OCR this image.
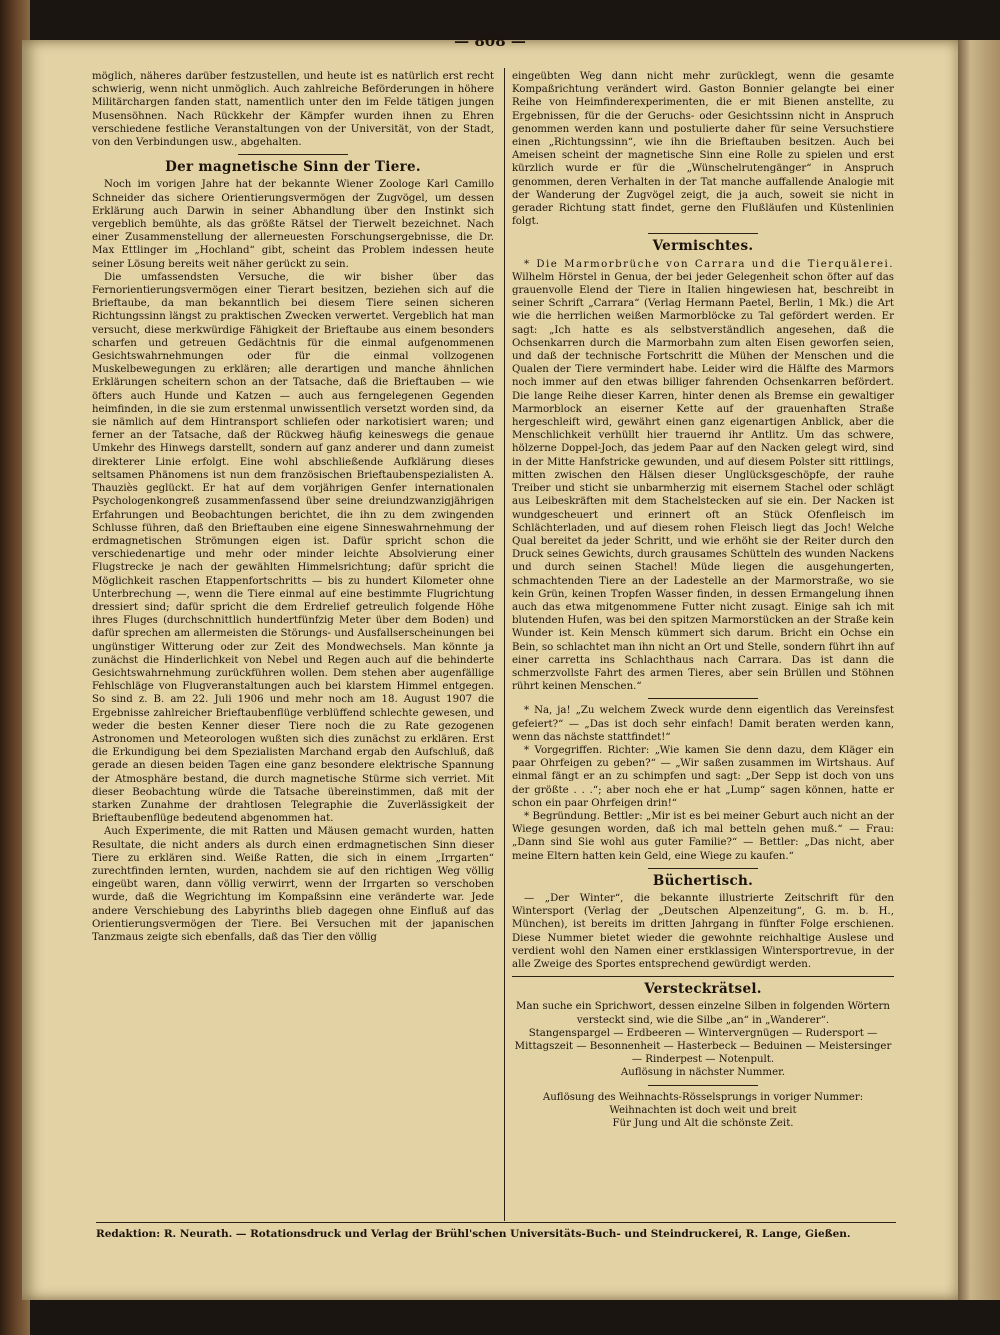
— 808 —

möglich, näheres darüber festzustellen, und heute ist es natürlich erst recht schwierig, wenn nicht unmöglich. Auch zahlreiche Beförderungen in höhere Militärchargen fanden statt, namentlich unter den im Felde tätigen jungen Musensöhnen. Nach Rückkehr der Kämpfer wurden ihnen zu Ehren verschiedene festliche Veranstaltungen von der Universität, von der Stadt, von den Verbindungen usw., abgehalten.

Der magnetische Sinn der Tiere.

Noch im vorigen Jahre hat der bekannte Wiener Zoologe Karl Camillo Schneider das sichere Orientierungsvermögen der Zugvögel, um dessen Erklärung auch Darwin in seiner Abhandlung über den Instinkt sich vergeblich bemühte, als das größte Rätsel der Tierwelt bezeichnet. Nach einer Zusammenstellung der allerneuesten Forschungsergebnisse, die Dr. Max Ettlinger im „Hochland“ gibt, scheint das Problem indessen heute seiner Lösung bereits weit näher gerückt zu sein.

Die umfassendsten Versuche, die wir bisher über das Fernorientierungsvermögen einer Tierart besitzen, beziehen sich auf die Brieftaube, da man bekanntlich bei diesem Tiere seinen sicheren Richtungssinn längst zu praktischen Zwecken verwertet. Vergeblich hat man versucht, diese merkwürdige Fähigkeit der Brieftaube aus einem besonders scharfen und getreuen Gedächtnis für die einmal aufgenommenen Gesichtswahrnehmungen oder für die einmal vollzogenen Muskelbewegungen zu erklären; alle derartigen und manche ähnlichen Erklärungen scheitern schon an der Tatsache, daß die Brieftauben — wie öfters auch Hunde und Katzen — auch aus ferngelegenen Gegenden heimfinden, in die sie zum erstenmal unwissentlich versetzt worden sind, da sie nämlich auf dem Hintransport schliefen oder narkotisiert waren; und ferner an der Tatsache, daß der Rückweg häufig keineswegs die genaue Umkehr des Hinwegs darstellt, sondern auf ganz anderer und dann zumeist direkterer Linie erfolgt. Eine wohl abschließende Aufklärung dieses seltsamen Phänomens ist nun dem französischen Brieftaubenspezialisten A. Thauziès geglückt. Er hat auf dem vorjährigen Genfer internationalen Psychologenkongreß zusammenfassend über seine dreiundzwanzigjährigen Erfahrungen und Beobachtungen berichtet, die ihn zu dem zwingenden Schlusse führen, daß den Brieftauben eine eigene Sinneswahrnehmung der erdmagnetischen Strömungen eigen ist. Dafür spricht schon die verschiedenartige und mehr oder minder leichte Absolvierung einer Flugstrecke je nach der gewählten Himmelsrichtung; dafür spricht die Möglichkeit raschen Etappenfortschritts — bis zu hundert Kilometer ohne Unterbrechung —, wenn die Tiere einmal auf eine bestimmte Flugrichtung dressiert sind; dafür spricht die dem Erdrelief getreulich folgende Höhe ihres Fluges (durchschnittlich hundertfünfzig Meter über dem Boden) und dafür sprechen am allermeisten die Störungs- und Ausfallserscheinungen bei ungünstiger Witterung oder zur Zeit des Mondwechsels. Man könnte ja zunächst die Hinderlichkeit von Nebel und Regen auch auf die behinderte Gesichtswahrnehmung zurückführen wollen. Dem stehen aber augenfällige Fehlschläge von Flugveranstaltungen auch bei klarstem Himmel entgegen. So sind z. B. am 22. Juli 1906 und mehr noch am 18. August 1907 die Ergebnisse zahlreicher Brieftaubenflüge verblüffend schlechte gewesen, und weder die besten Kenner dieser Tiere noch die zu Rate gezogenen Astronomen und Meteorologen wußten sich dies zunächst zu erklären. Erst die Erkundigung bei dem Spezialisten Marchand ergab den Aufschluß, daß gerade an diesen beiden Tagen eine ganz besondere elektrische Spannung der Atmosphäre bestand, die durch magnetische Stürme sich verriet. Mit dieser Beobachtung würde die Tatsache übereinstimmen, daß mit der starken Zunahme der drahtlosen Telegraphie die Zuverlässigkeit der Brieftaubenflüge bedeutend abgenommen hat.

Auch Experimente, die mit Ratten und Mäusen gemacht wurden, hatten Resultate, die nicht anders als durch einen erdmagnetischen Sinn dieser Tiere zu erklären sind. Weiße Ratten, die sich in einem „Irrgarten“ zurechtfinden lernten, wurden, nachdem sie auf den richtigen Weg völlig eingeübt waren, dann völlig verwirrt, wenn der Irrgarten so verschoben wurde, daß die Wegrichtung im Kompaßsinn eine veränderte war. Jede andere Verschiebung des Labyrinths blieb dagegen ohne Einfluß auf das Orientierungsvermögen der Tiere. Bei Versuchen mit der japanischen Tanzmaus zeigte sich ebenfalls, daß das Tier den völlig

eingeübten Weg dann nicht mehr zurücklegt, wenn die gesamte Kompaßrichtung verändert wird. Gaston Bonnier gelangte bei einer Reihe von Heimfinderexperimenten, die er mit Bienen anstellte, zu Ergebnissen, für die der Geruchs- oder Gesichtssinn nicht in Anspruch genommen werden kann und postulierte daher für seine Versuchstiere einen „Richtungssinn“, wie ihn die Brieftauben besitzen. Auch bei Ameisen scheint der magnetische Sinn eine Rolle zu spielen und erst kürzlich wurde er für die „Wünschelrutengänger“ in Anspruch genommen, deren Verhalten in der Tat manche auffallende Analogie mit der Wanderung der Zugvögel zeigt, die ja auch, soweit sie nicht in gerader Richtung statt findet, gerne den Flußläufen und Küstenlinien folgt.

Vermischtes.

* Die Marmorbrüche von Carrara und die Tierquälerei. Wilhelm Hörstel in Genua, der bei jeder Gelegenheit schon öfter auf das grauenvolle Elend der Tiere in Italien hingewiesen hat, beschreibt in seiner Schrift „Carrara“ (Verlag Hermann Paetel, Berlin, 1 Mk.) die Art wie die herrlichen weißen Marmorblöcke zu Tal gefördert werden. Er sagt: „Ich hatte es als selbstverständlich angesehen, daß die Ochsenkarren durch die Marmorbahn zum alten Eisen geworfen seien, und daß der technische Fortschritt die Mühen der Menschen und die Qualen der Tiere vermindert habe. Leider wird die Hälfte des Marmors noch immer auf den etwas billiger fahrenden Ochsenkarren befördert. Die lange Reihe dieser Karren, hinter denen als Bremse ein gewaltiger Marmorblock an eiserner Kette auf der grauenhaften Straße hergeschleift wird, gewährt einen ganz eigenartigen Anblick, aber die Menschlichkeit verhüllt hier trauernd ihr Antlitz. Um das schwere, hölzerne Doppel-Joch, das jedem Paar auf den Nacken gelegt wird, sind in der Mitte Hanfstricke gewunden, und auf diesem Polster sitt rittlings, mitten zwischen den Hälsen dieser Unglücksgeschöpfe, der rauhe Treiber und sticht sie unbarmherzig mit eisernem Stachel oder schlägt aus Leibeskräften mit dem Stachelstecken auf sie ein. Der Nacken ist wundgescheuert und erinnert oft an Stück Ofenfleisch im Schlächterladen, und auf diesem rohen Fleisch liegt das Joch! Welche Qual bereitet da jeder Schritt, und wie erhöht sie der Reiter durch den Druck seines Gewichts, durch grausames Schütteln des wunden Nackens und durch seinen Stachel! Müde liegen die ausgehungerten, schmachtenden Tiere an der Ladestelle an der Marmorstraße, wo sie kein Grün, keinen Tropfen Wasser finden, in dessen Ermangelung ihnen auch das etwa mitgenommene Futter nicht zusagt. Einige sah ich mit blutenden Hufen, was bei den spitzen Marmorstücken an der Straße kein Wunder ist. Kein Mensch kümmert sich darum. Bricht ein Ochse ein Bein, so schlachtet man ihn nicht an Ort und Stelle, sondern führt ihn auf einer carretta ins Schlachthaus nach Carrara. Das ist dann die schmerzvollste Fahrt des armen Tieres, aber sein Brüllen und Stöhnen rührt keinen Menschen.“

* Na, ja! „Zu welchem Zweck wurde denn eigentlich das Vereinsfest gefeiert?“ — „Das ist doch sehr einfach! Damit beraten werden kann, wenn das nächste stattfindet!“

* Vorgegriffen. Richter: „Wie kamen Sie denn dazu, dem Kläger ein paar Ohrfeigen zu geben?“ — „Wir saßen zusammen im Wirtshaus. Auf einmal fängt er an zu schimpfen und sagt: „Der Sepp ist doch von uns der größte . . .“; aber noch ehe er hat „Lump“ sagen können, hatte er schon ein paar Ohrfeigen drin!“

* Begründung. Bettler: „Mir ist es bei meiner Geburt auch nicht an der Wiege gesungen worden, daß ich mal betteln gehen muß.“ — Frau: „Dann sind Sie wohl aus guter Familie?“ — Bettler: „Das nicht, aber meine Eltern hatten kein Geld, eine Wiege zu kaufen.“

Büchertisch.

— „Der Winter“, die bekannte illustrierte Zeitschrift für den Wintersport (Verlag der „Deutschen Alpenzeitung“, G. m. b. H., München), ist bereits im dritten Jahrgang in fünfter Folge erschienen. Diese Nummer bietet wieder die gewohnte reichhaltige Auslese und verdient wohl den Namen einer erstklassigen Wintersportrevue, in der alle Zweige des Sportes entsprechend gewürdigt werden.

Versteckrätsel.

Man suche ein Sprichwort, dessen einzelne Silben in folgenden Wörtern versteckt sind, wie die Silbe „an“ in „Wanderer“.

Stangenspargel — Erdbeeren — Wintervergnügen — Rudersport — Mittagszeit — Besonnenheit — Hasterbeck — Beduinen — Meistersinger — Rinderpest — Notenpult.

Auflösung in nächster Nummer.

Auflösung des Weihnachts-Rösselsprungs in voriger Nummer:

Weihnachten ist doch weit und breit

Für Jung und Alt die schönste Zeit.

Redaktion: R. Neurath. — Rotationsdruck und Verlag der Brühl'schen Universitäts-Buch- und Steindruckerei, R. Lange, Gießen.
